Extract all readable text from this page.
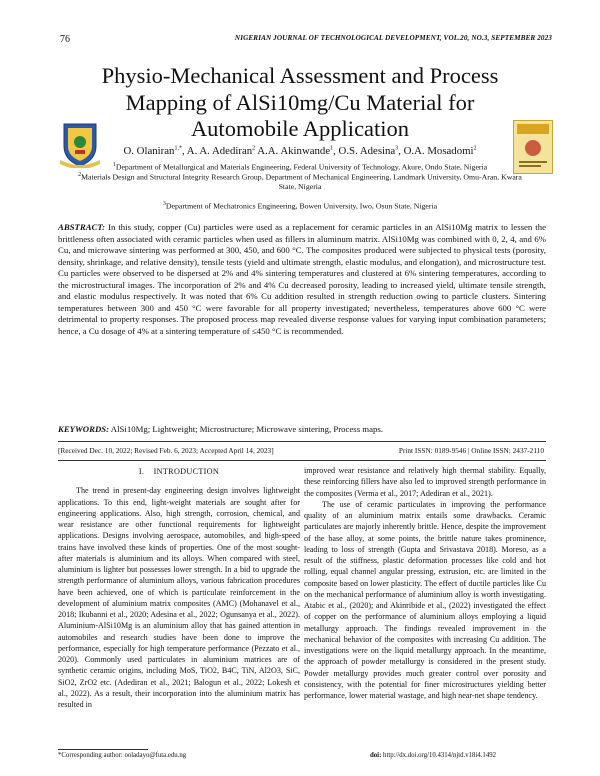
76	NIGERIAN JOURNAL OF TECHNOLOGICAL DEVELOPMENT, VOL.20, NO.3, SEPTEMBER 2023
Physio-Mechanical Assessment and Process Mapping of AlSi10mg/Cu Material for Automobile Application
O. Olaniran$^{1,*}$, A. A. Adediran$^2$ A.A. Akinwande$^1$, O.S. Adesina$^3$, O.A. Mosadomi$^2$
$^1$Department of Metallurgical and Materials Engineering, Federal University of Technology, Akure, Ondo State, Nigeria
$^2$Materials Design and Structural Integrity Research Group, Department of Mechanical Engineering, Landmark University, Omu-Aran, Kwara State, Nigeria
$^3$Department of Mechatronics Engineering, Bowen University, Iwo, Osun State, Nigeria
ABSTRACT: In this study, copper (Cu) particles were used as a replacement for ceramic particles in an AlSi10Mg matrix to lessen the brittleness often associated with ceramic particles when used as fillers in aluminum matrix. AlSi10Mg was combined with 0, 2, 4, and 6% Cu, and microwave sintering was performed at 300, 450, and 600 °C. The composites produced were subjected to physical tests (porosity, density, shrinkage, and relative density), tensile tests (yield and ultimate strength, elastic modulus, and elongation), and microstructure test. Cu particles were observed to be dispersed at 2% and 4% sintering temperatures and clustered at 6% sintering temperatures, according to the microstructural images. The incorporation of 2% and 4% Cu decreased porosity, leading to increased yield, ultimate tensile strength, and elastic modulus respectively. It was noted that 6% Cu addition resulted in strength reduction owing to particle clusters. Sintering temperatures between 300 and 450 °C were favorable for all property investigated; nevertheless, temperatures above 600 °C were detrimental to property responses. The proposed process map revealed diverse response values for varying input combination parameters; hence, a Cu dosage of 4% at a sintering temperature of ≤450 °C is recommended.
KEYWORDS: AlSi10Mg; Lightweight; Microstructure; Microwave sintering, Process maps.
[Received Dec. 10, 2022; Revised Feb. 6, 2023; Accepted April 14, 2023]	Print ISSN: 0189-9546 | Online ISSN: 2437-2110
I. INTRODUCTION

The trend in present-day engineering design involves lightweight applications. To this end, light-weight materials are sought after for engineering applications. Also, high strength, corrosion, chemical, and wear resistance are other functional requirements for lightweight applications. Designs involving aerospace, automobiles, and high-speed trains have involved these kinds of properties. One of the most sought-after materials is aluminium and its alloys. When compared with steel, aluminium is lighter but possesses lower strength. In a bid to upgrade the strength performance of aluminium alloys, various fabrication procedures have been achieved, one of which is particulate reinforcement in the development of aluminium matrix composites (AMC) (Mohanavel et al., 2018; Ikubanni et al., 2020; Adesina et al., 2022; Ogunsanya et al., 2022). Aluminium-AlSi10Mg is an aluminium alloy that has gained attention in automobiles and research studies have been done to improve the performance, especially for high temperature performance (Pezzato et al., 2020). Commonly used particulates in aluminium matrices are of synthetic ceramic origins, including MoS, TiO2, B4C, TiN, Al2O3, SiC, SiO2, ZrO2 etc. (Adediran et al., 2021; Balogun et al., 2022; Lokesh et al., 2022). As a result, their incorporation into the aluminium matrix has resulted in

improved wear resistance and relatively high thermal stability. Equally, these reinforcing fillers have also led to improved strength performance in the composites (Verma et al., 2017; Adediran et al., 2021).

The use of ceramic particulates in improving the performance quality of an aluminium matrix entails some drawbacks. Ceramic particulates are majorly inherently brittle. Hence, despite the improvement of the base alloy, at some points, the brittle nature takes prominence, leading to loss of strength (Gupta and Srivastava 2018). Moreso, as a result of the stiffness, plastic deformation processes like cold and hot rolling, equal channel angular pressing, extrusion, etc. are limited in the composite based on lower plasticity. The effect of ductile particles like Cu on the mechanical performance of aluminium alloy is worth investigating. Atabic et al., (2020); and Akinribide et al., (2022) investigated the effect of copper on the performance of aluminium alloys employing a liquid metallurgy approach. The findings revealed improvement in the mechanical behavior of the composites with increasing Cu addition. The investigations were on the liquid metallurgy approach. In the meantime, the approach of powder metallurgy is considered in the present study. Powder metallurgy provides much greater control over porosity and consistency, with the potential for finer microstructures yielding better performance, lower material wastage, and high near-net shape tendency.

*Corresponding author: ooladayo@futa.edu.ng	doi: http://dx.doi.org/10.4314/njtd.v18i4.1492
